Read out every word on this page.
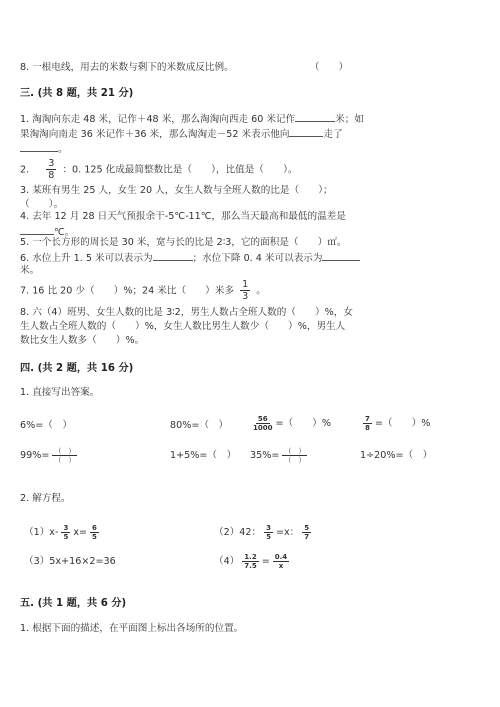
8. 一根电线，用去的米数与剩下的米数成反比例。	（　　）
三. (共 8 题，共 21 分)
1. 淘淘向东走 48 米，记作＋48 米，那么淘淘向西走 60 米记作	米；如
果淘淘向南走 36 米记作＋36 米，那么淘淘走－52 米表示他向	走了
。
2. $\frac{3}{8}$ ：0. 125 化成最简整数比是（　　），比值是（　　）。
3. 某班有男生 25 人，女生 20 人，女生人数与全班人数的比是（　　）；
（　　）。
4. 去年 12 月 28 日天气预报余干-5℃-11℃，那么当天最高和最低的温差是
℃。
5. 一个长方形的周长是 30 米，宽与长的比是 2∶3，它的面积是（　　）㎡。
6. 水位上升 1. 5 米可以表示为	；水位下降 0. 4 米可以表示为
米。
7. 16 比 20 少（　　）%；24 米比（　　）米多 $\frac{1}{3}$ 。
8. 六（4）班男、女生人数的比是 3∶2，男生人数占全班人数的（　　）%，女
生人数占全班人数的（　　）%，女生人数比男生人数少（　　）%，男生人
数比女生人数多（　　）%。
四. (共 2 题，共 16 分)
1. 直接写出答案。
6%=（　）	80%=（　）	$\frac{56}{1000}$ =（　　）%	$\frac{7}{8}$ =（　　）%
$99\%= \frac{( )}{( )}$	1+5%=（　） $35\%= \frac{( )}{( )}$	1÷20%=（　）
2. 解方程。
$(1)x- \frac{3}{5} x= \frac{6}{5}$	（2）42： $\frac{3}{5} =x$： $\frac{5}{7}$
（3）5x+16×2=36	$(4) \frac{1.2}{7.5} = \frac{0.4}{x}$
五. (共 1 题，共 6 分)
1. 根据下面的描述，在平面图上标出各场所的位置。
